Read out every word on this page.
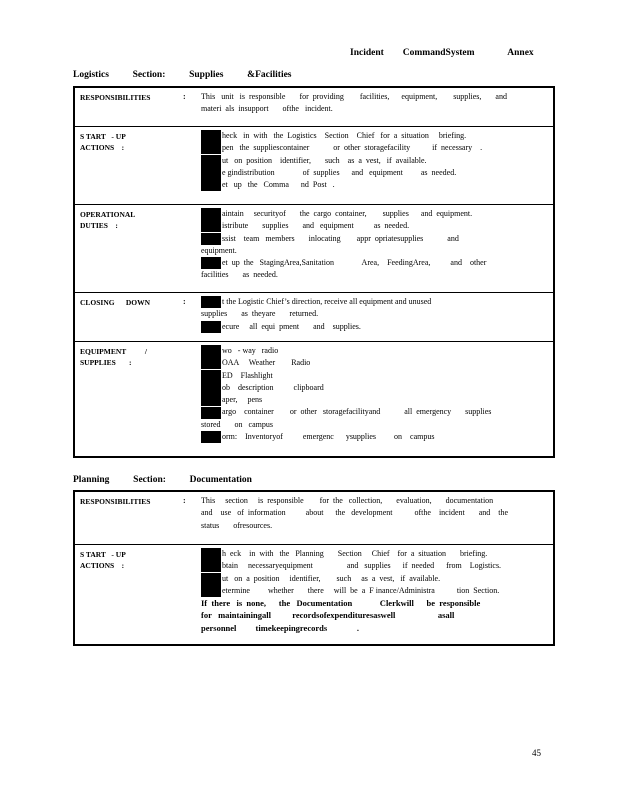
Incident        CommandSystem              Annex
Logistics          Section:          Supplies          &Facilities
RESPONSIBILITIES	:	This   unit   is  responsible       for  providing        facilities,      equipment,        supplies,       and
materi  als  insupport       ofthe   incident.
S TART   - UP
ACTIONS    :
heck   in  with   the  Logistics    Section    Chief   for  a  situation     briefing.
pen   the  suppliescontainer            or  other  storagefacility           if  necessary    .
ut   on  position    identifier,       such    as  a  vest,   if  available.
e gindistribution              of  supplies      and   equipment         as  needed.
et   up   the   Comma      nd  Post   .
OPERATIONAL
DUTIES    :
aintain     securityof       the  cargo  container,        supplies      and  equipment.
istribute       supplies       and   equipment          as  needed.
ssist    team   members       inlocating        appr  opriatesupplies            and
equipment.
et  up  the   StagingArea,Sanitation              Area,    FeedingArea,          and    other
facilities       as  needed.
CLOSING      DOWN	:	t the Logistic Chief’s direction, receive all equipment and unused
supplies       as  theyare       returned.
ecure     all  equi  pment       and    supplies.
EQUIPMENT          /
SUPPLIES       :
wo   - way   radio
OAA     Weather        Radio
ED    Flashlight
ob    description          clipboard
aper,     pens
argo    container        or  other   storagefacilityand            all  emergency       supplies
stored       on   campus
orm:    Inventoryof          emergenc      ysupplies         on    campus
Planning          Section:          Documentation
RESPONSIBILITIES	:	This     section     is  responsible        for  the   collection,       evaluation,       documentation
and    use   of  information          about      the   development           ofthe    incident       and    the
status       ofresources.
S TART   - UP
ACTIONS    :
h  eck    in  with   the   Planning       Section     Chief    for  a  situation       briefing.
btain     necessaryequipment                 and   supplies      if  needed      from    Logistics.
ut   on  a  position     identifier,        such     as  a  vest,   if  available.
etermine         whether       there     will  be  a  F inance/Administra           tion  Section.
If  there   is  none,      the   Documentation             Clerkwill      be  responsible
for   maintainingall          recordsofexpendituresaswell                    asall
personnel         timekeepingrecords              .
45
